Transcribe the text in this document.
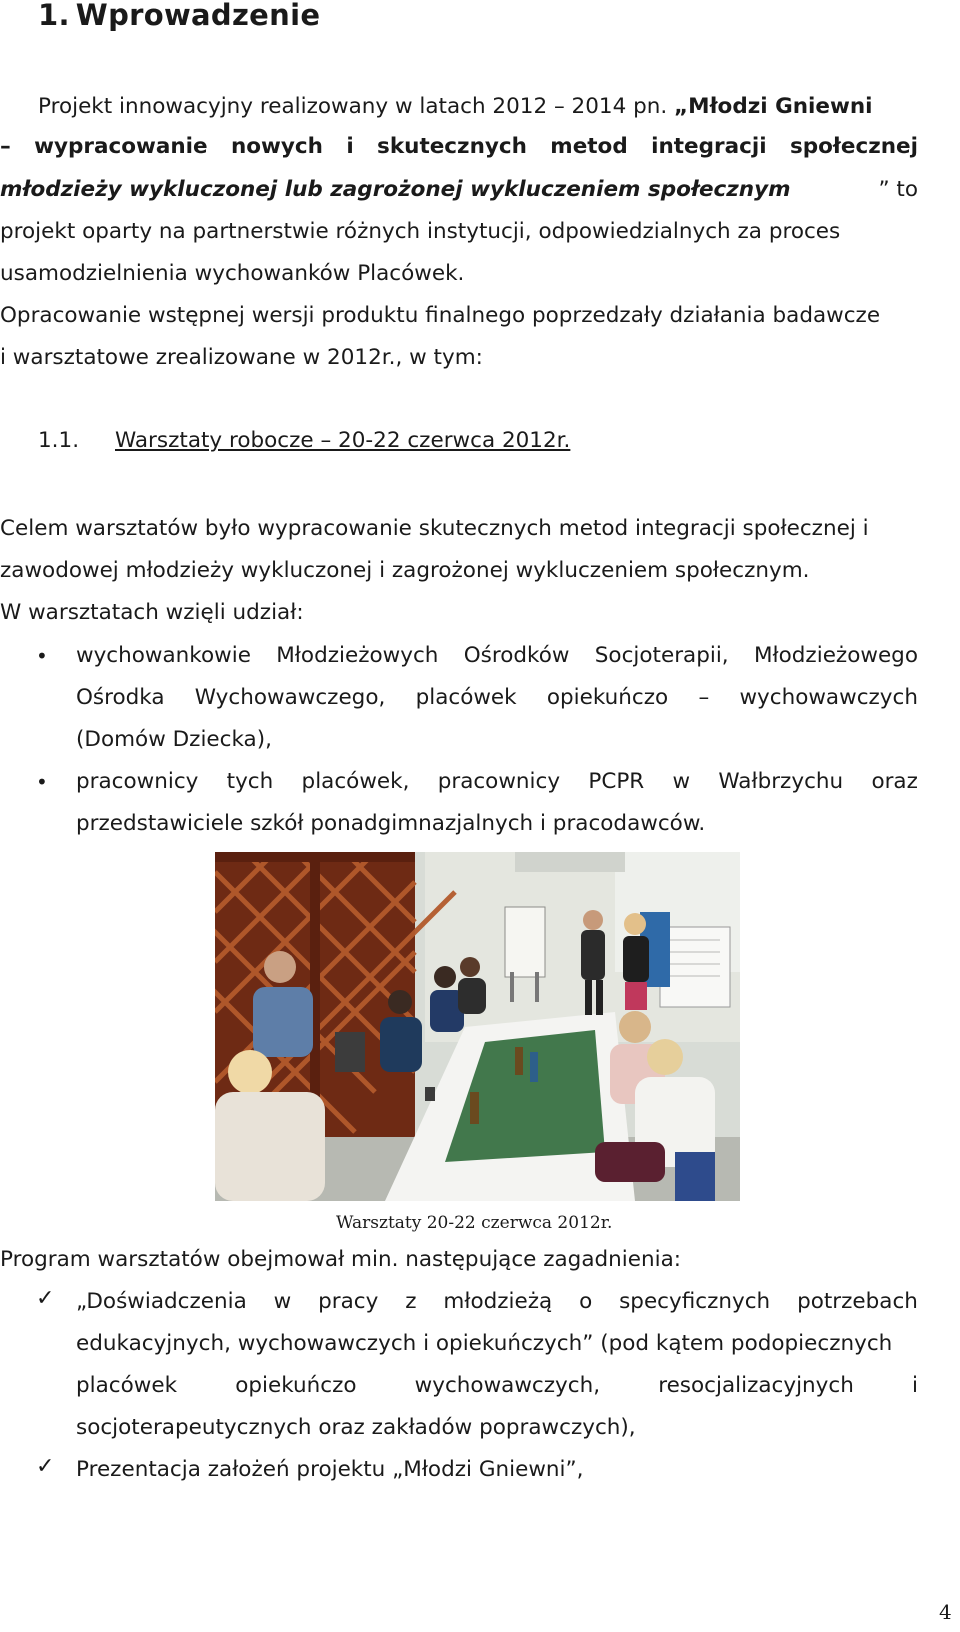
1. Wprowadzenie
Projekt innowacyjny realizowany w latach 2012 – 2014 pn. „Młodzi Gniewni
– wypracowanie nowych i skutecznych metod integracji społecznej
młodzieży wykluczonej lub zagrożonej wykluczeniem społecznym	” to
projekt oparty na partnerstwie różnych instytucji, odpowiedzialnych za proces
usamodzielnienia wychowanków Placówek.
Opracowanie wstępnej wersji produktu finalnego poprzedzały działania badawcze
i warsztatowe zrealizowane w 2012r., w tym:
1.1. Warsztaty robocze – 20-22 czerwca 2012r.
Celem warsztatów było wypracowanie skutecznych metod integracji społecznej i
zawodowej młodzieży wykluczonej i zagrożonej wykluczeniem społecznym.
W warsztatach wzięli udział:
• wychowankowie Młodzieżowych Ośrodków Socjoterapii, Młodzieżowego
Ośrodka Wychowawczego, placówek opiekuńczo – wychowawczych
(Domów Dziecka),
• pracownicy tych placówek, pracownicy PCPR w Wałbrzychu oraz
przedstawiciele szkół ponadgimnazjalnych i pracodawców.
Warsztaty 20-22 czerwca 2012r.
Program warsztatów obejmował min. następujące zagadnienia:
✓ „Doświadczenia w pracy z młodzieżą o specyficznych potrzebach
edukacyjnych, wychowawczych i opiekuńczych” (pod kątem podopiecznych
placówek	opiekuńczo	wychowawczych,	resocjalizacyjnych	i
socjoterapeutycznych oraz zakładów poprawczych),
✓ Prezentacja założeń projektu „Młodzi Gniewni”,
4
